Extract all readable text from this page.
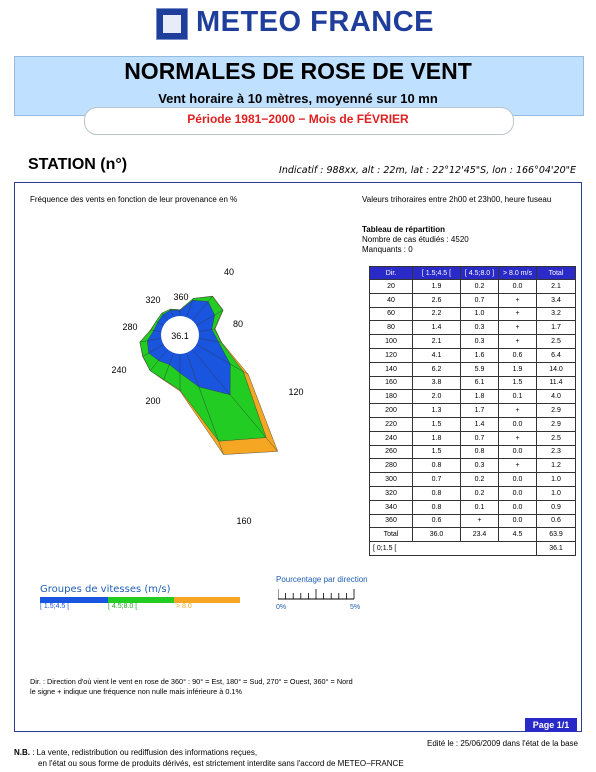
METEO FRANCE
NORMALES DE ROSE DE VENT
Vent horaire à 10 mètres, moyenné sur 10 mn
Période 1981−2000 − Mois de FÉVRIER
STATION (n°)	Indicatif : 988xx, alt : 22m, lat : 22°12'45"S, lon : 166°04'20"E
Fréquence des vents en fonction de leur provenance en %	Valeurs trihoraires entre 2h00 et 23h00, heure fuseau
Tableau de répartition
Nombre de cas étudiés : 4520
Manquants : 0
Dir.	[ 1.5;4.5 [	[ 4.5;8.0 ]	> 8.0 m/s	Total
20	1.9	0.2	0.0	2.1
40	2.6	0.7	+	3.4
60	2.2	1.0	+	3.2
80	1.4	0.3	+	1.7
100	2.1	0.3	+	2.5
120	4.1	1.6	0.6	6.4
140	6.2	5.9	1.9	14.0
160	3.8	6.1	1.5	11.4
180	2.0	1.8	0.1	4.0
200	1.3	1.7	+	2.9
220	1.5	1.4	0.0	2.9
240	1.8	0.7	+	2.5
260	1.5	0.8	0.0	2.3
280	0.8	0.3	+	1.2
300	0.7	0.2	0.0	1.0
320	0.8	0.2	0.0	1.0
340	0.8	0.1	0.0	0.9
360	0.6	+	0.0	0.6
Total	36.0	23.4	4.5	63.9
[ 0;1.5 [				36.1
36.1
40
80
120
160
200
240
280
320 360
Groupes de vitesses (m/s)
[ 1.5;4.5 [	[ 4.5;8.0 [	> 8.0
Pourcentage par direction
0%	5%
Dir. : Direction d'où vient le vent en rose de 360° : 90° = Est, 180° = Sud, 270° = Ouest, 360° = Nord
le signe + indique une fréquence non nulle mais inférieure à 0.1%
Page 1/1
Edité le : 25/06/2009 dans l'état de la base
N.B. : La vente, redistribution ou rediffusion des informations reçues,
en l'état ou sous forme de produits dérivés, est strictement interdite sans l'accord de METEO−FRANCE
